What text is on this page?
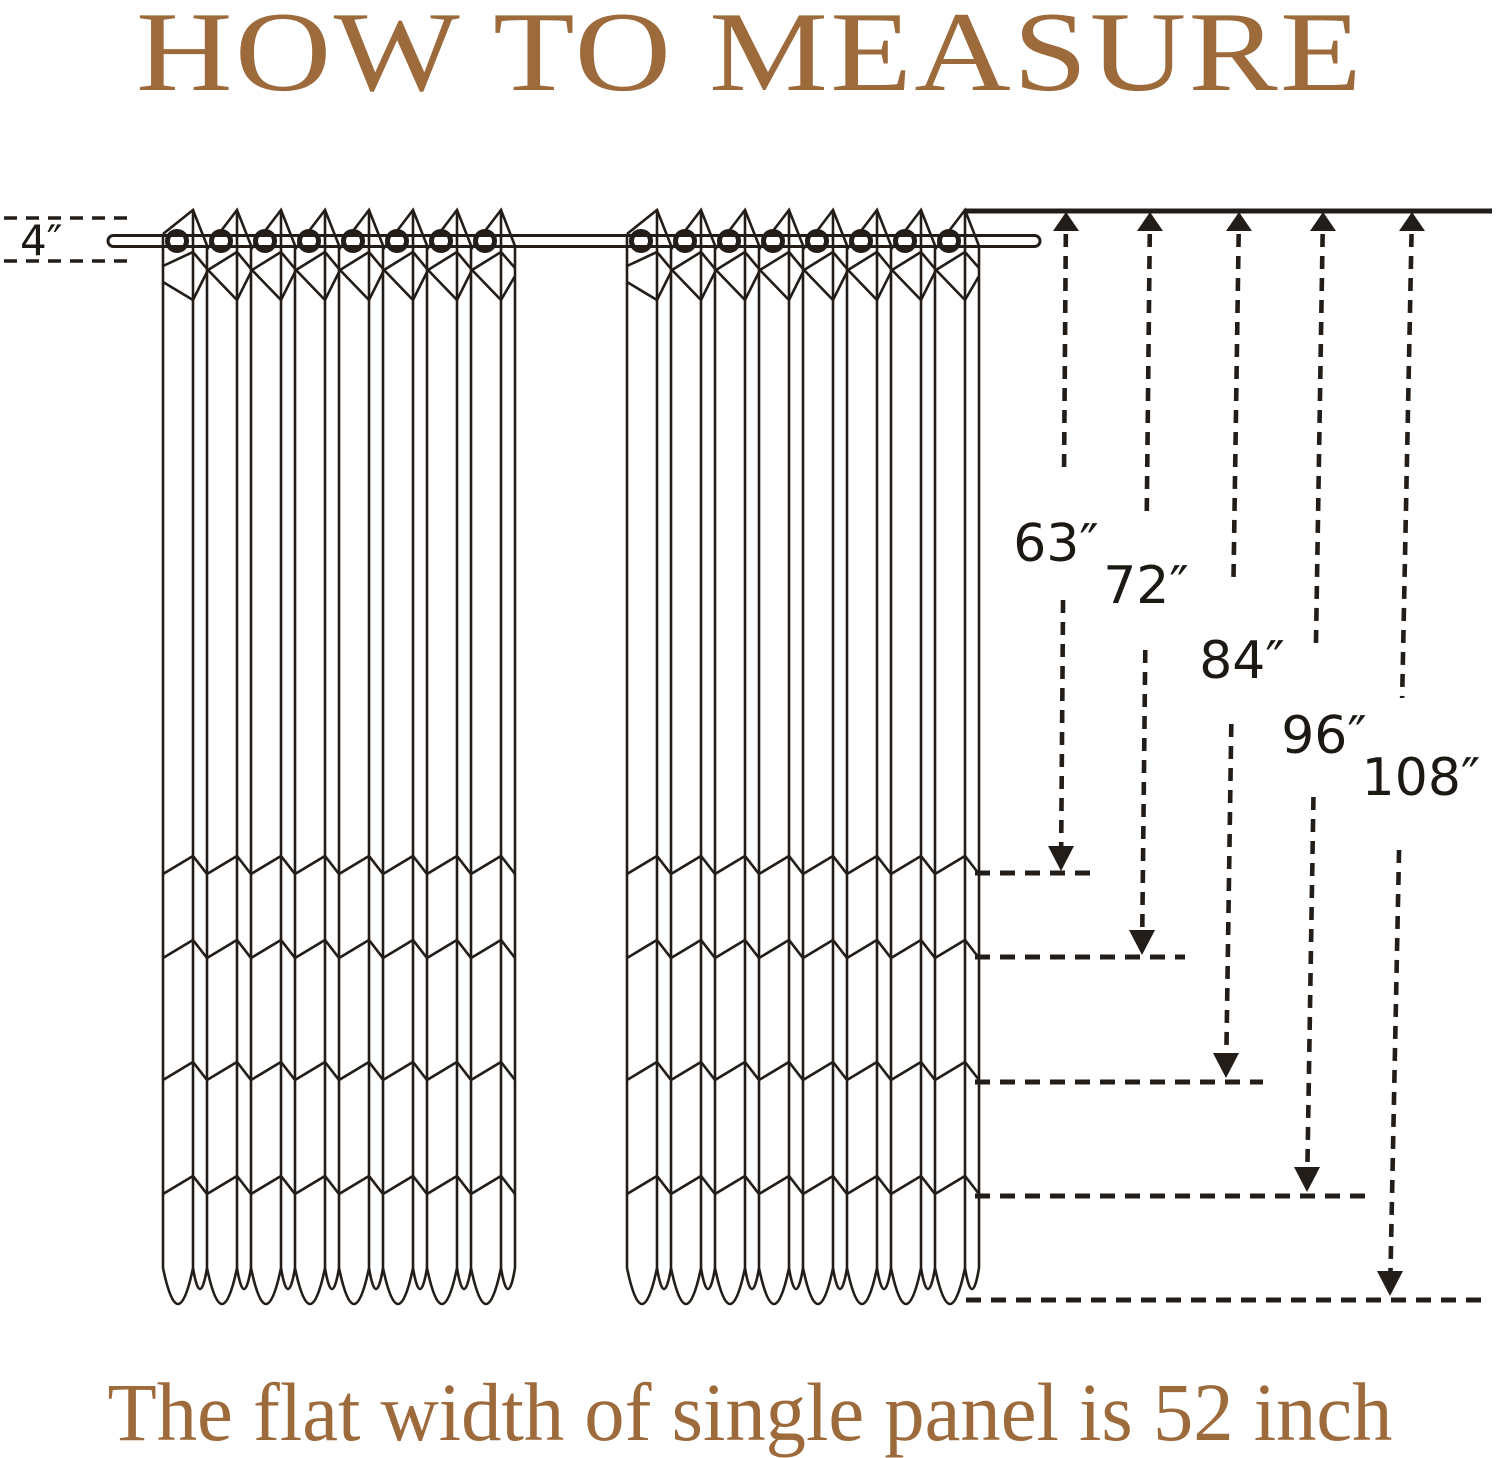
HOW TO MEASURE
4″
63″
72″
84″
96″
108″
The flat width of single panel is 52 inch
